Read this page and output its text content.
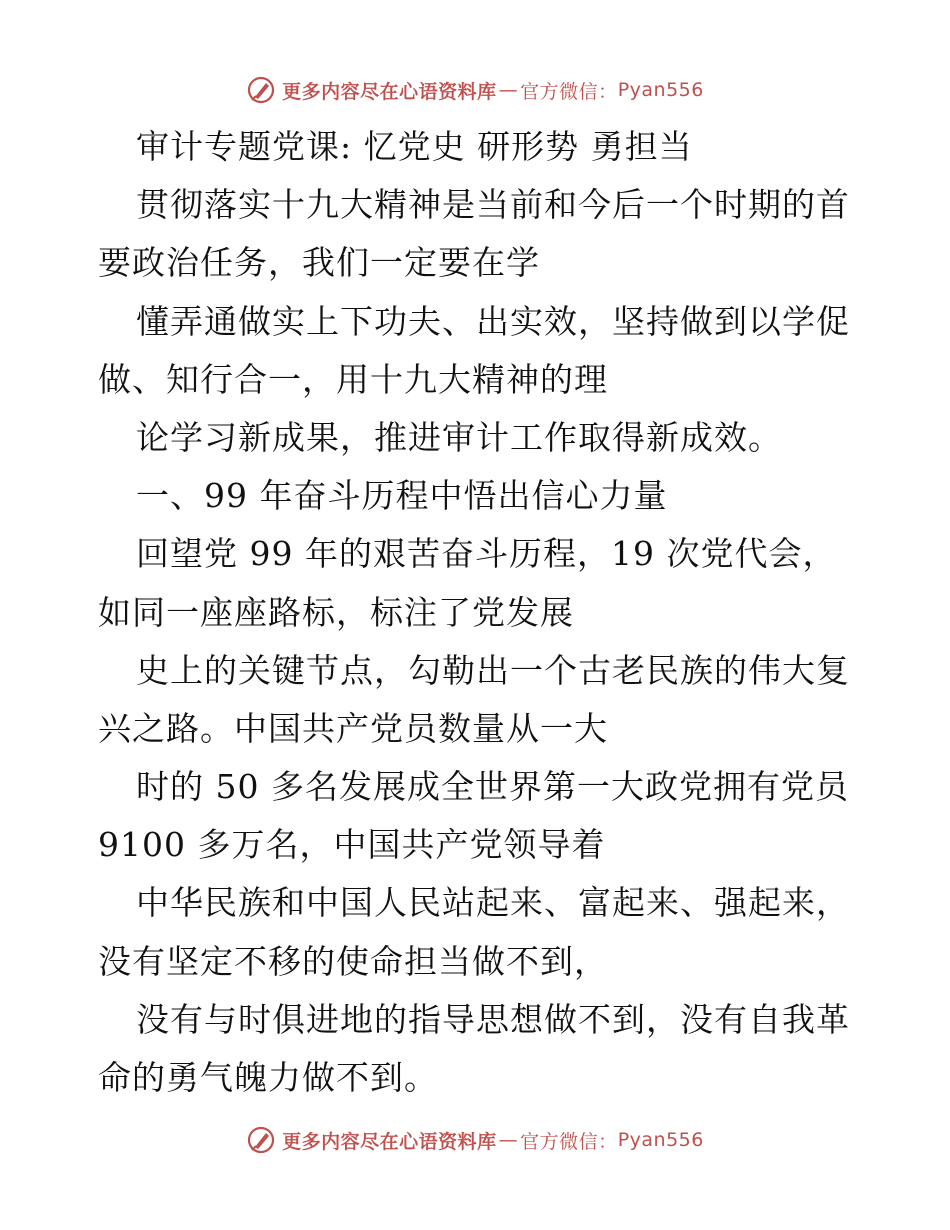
更多内容尽在心语资料库 — 官方微信： Pyan556
审计专题党课: 忆党史 研形势 勇担当
贯彻落实十九大精神是当前和今后一个时期的首
要政治任务，我们一定要在学
懂弄通做实上下功夫、出实效，坚持做到以学促
做、知行合一，用十九大精神的理
论学习新成果，推进审计工作取得新成效。
一、99 年奋斗历程中悟出信心力量
回望党 99 年的艰苦奋斗历程，19 次党代会，
如同一座座路标，标注了党发展
史上的关键节点，勾勒出一个古老民族的伟大复
兴之路。中国共产党员数量从一大
时的 50 多名发展成全世界第一大政党拥有党员
9100 多万名，中国共产党领导着
中华民族和中国人民站起来、富起来、强起来，
没有坚定不移的使命担当做不到，
没有与时俱进地的指导思想做不到，没有自我革
命的勇气魄力做不到。
更多内容尽在心语资料库 — 官方微信： Pyan556
